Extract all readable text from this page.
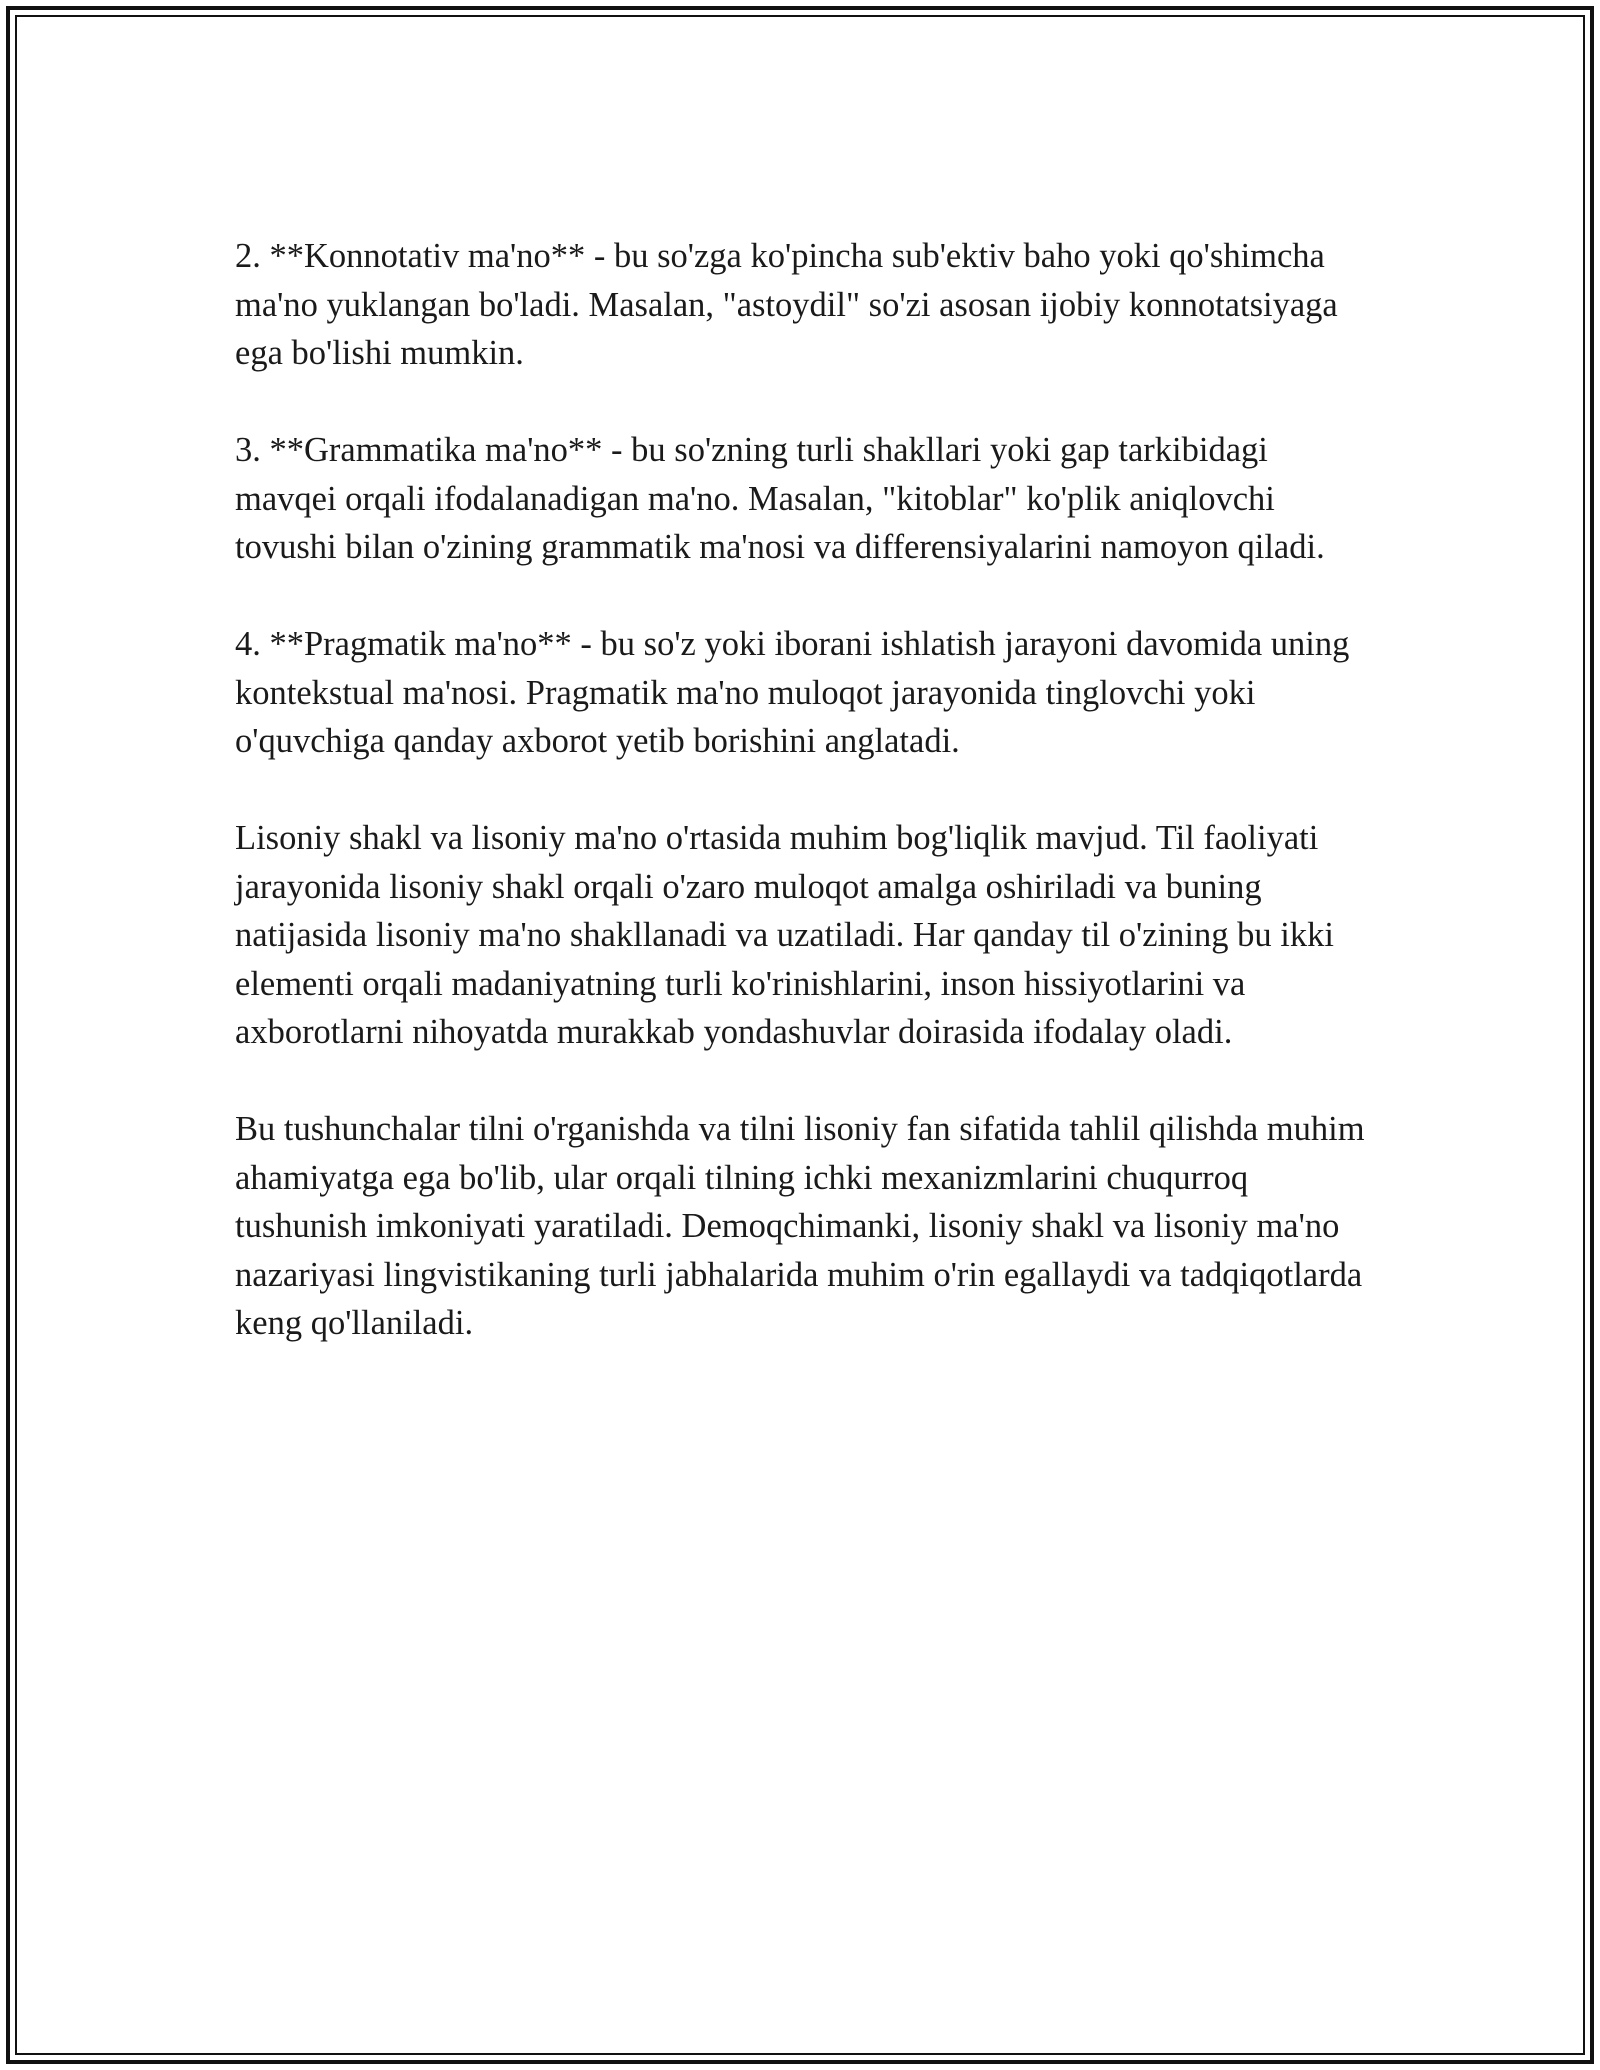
2. **Konnotativ ma'no** - bu so'zga ko'pincha sub'ektiv baho yoki qo'shimcha ma'no yuklangan bo'ladi. Masalan, "astoydil" so'zi asosan ijobiy konnotatsiyaga ega bo'lishi mumkin.

3. **Grammatika ma'no** - bu so'zning turli shakllari yoki gap tarkibidagi mavqei orqali ifodalanadigan ma'no. Masalan, "kitoblar" ko'plik aniqlovchi tovushi bilan o'zining grammatik ma'nosi va differensiyalarini namoyon qiladi.

4. **Pragmatik ma'no** - bu so'z yoki iborani ishlatish jarayoni davomida uning kontekstual ma'nosi. Pragmatik ma'no muloqot jarayonida tinglovchi yoki o'quvchiga qanday axborot yetib borishini anglatadi.

Lisoniy shakl va lisoniy ma'no o'rtasida muhim bog'liqlik mavjud. Til faoliyati jarayonida lisoniy shakl orqali o'zaro muloqot amalga oshiriladi va buning natijasida lisoniy ma'no shakllanadi va uzatiladi. Har qanday til o'zining bu ikki elementi orqali madaniyatning turli ko'rinishlarini, inson hissiyotlarini va axborotlarni nihoyatda murakkab yondashuvlar doirasida ifodalay oladi.

Bu tushunchalar tilni o'rganishda va tilni lisoniy fan sifatida tahlil qilishda muhim ahamiyatga ega bo'lib, ular orqali tilning ichki mexanizmlarini chuqurroq tushunish imkoniyati yaratiladi. Demoqchimanki, lisoniy shakl va lisoniy ma'no nazariyasi lingvistikaning turli jabhalarida muhim o'rin egallaydi va tadqiqotlarda keng qo'llaniladi.
